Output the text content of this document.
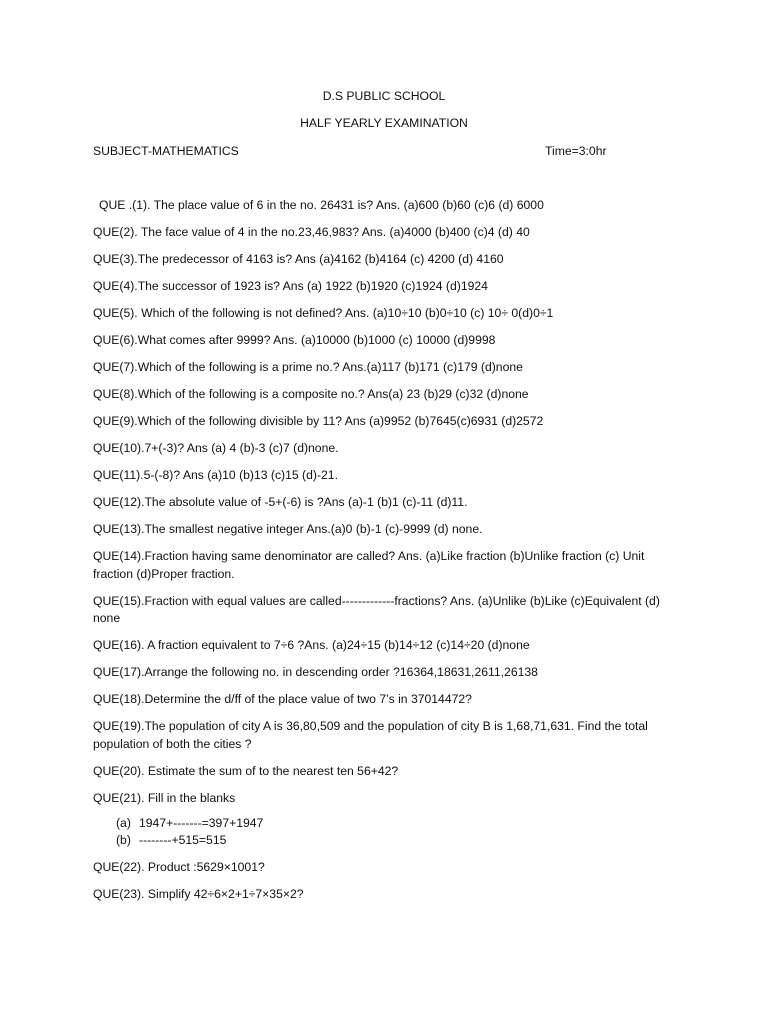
D.S PUBLIC SCHOOL
HALF YEARLY EXAMINATION
SUBJECT-MATHEMATICS	Time=3:0hr

QUE .(1). The place value of 6 in the no. 26431 is? Ans. (a)600 (b)60 (c)6 (d) 6000

QUE(2). The face value of 4 in the no.23,46,983? Ans. (a)4000 (b)400 (c)4 (d) 40

QUE(3).The predecessor of 4163 is? Ans (a)4162 (b)4164 (c) 4200 (d) 4160

QUE(4).The successor of 1923 is? Ans (a) 1922 (b)1920 (c)1924 (d)1924

QUE(5). Which of the following is not defined? Ans. (a)10÷10 (b)0÷10 (c) 10÷ 0(d)0÷1

QUE(6).What comes after 9999? Ans. (a)10000 (b)1000 (c) 10000 (d)9998

QUE(7).Which of the following is a prime no.? Ans.(a)117 (b)171 (c)179 (d)none

QUE(8).Which of the following is a composite no.? Ans(a) 23 (b)29 (c)32 (d)none

QUE(9).Which of the following divisible by 11? Ans (a)9952 (b)7645(c)6931 (d)2572

QUE(10).7+(-3)? Ans (a) 4 (b)-3 (c)7 (d)none.

QUE(11).5-(-8)? Ans (a)10 (b)13 (c)15 (d)-21.

QUE(12).The absolute value of -5+(-6) is ?Ans (a)-1 (b)1 (c)-11 (d)11.

QUE(13).The smallest negative integer Ans.(a)0 (b)-1 (c)-9999 (d) none.

QUE(14).Fraction having same denominator are called? Ans. (a)Like fraction (b)Unlike fraction (c) Unit fraction (d)Proper fraction.

QUE(15).Fraction with equal values are called-------------fractions? Ans. (a)Unlike (b)Like (c)Equivalent (d) none

QUE(16). A fraction equivalent to 7÷6 ?Ans. (a)24÷15 (b)14÷12 (c)14÷20 (d)none

QUE(17).Arrange the following no. in descending order ?16364,18631,2611,26138

QUE(18).Determine the d/ff of the place value of two 7’s in 37014472?

QUE(19).The population of city A is 36,80,509 and the population of city B is 1,68,71,631. Find the total population of both the cities ?

QUE(20). Estimate the sum of to the nearest ten 56+42?

QUE(21). Fill in the blanks

(a) 1947+-------=397+1947
(b) --------+515=515

QUE(22). Product :5629×1001?

QUE(23). Simplify 42÷6×2+1÷7×35×2?
